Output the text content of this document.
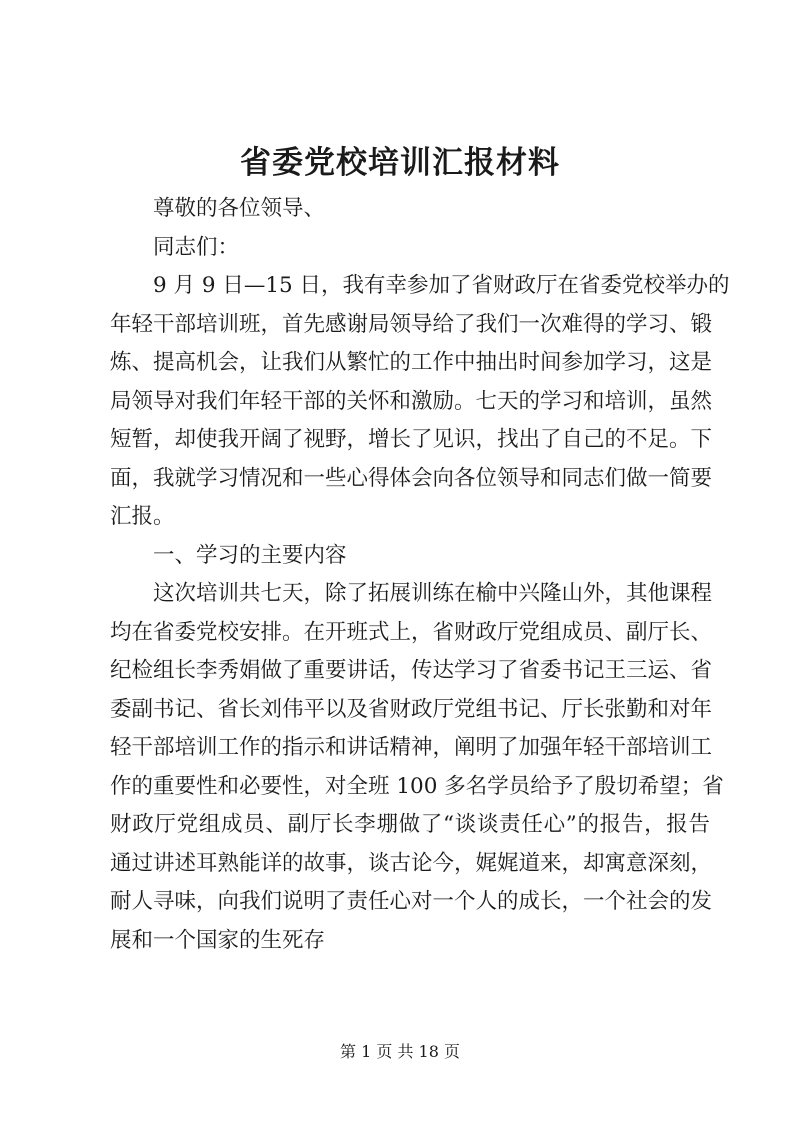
省委党校培训汇报材料
尊敬的各位领导、
同志们：
9 月 9 日—15 日，我有幸参加了省财政厅在省委党校举办的
年轻干部培训班，首先感谢局领导给了我们一次难得的学习、锻
炼、提高机会，让我们从繁忙的工作中抽出时间参加学习，这是
局领导对我们年轻干部的关怀和激励。七天的学习和培训，虽然
短暂，却使我开阔了视野，增长了见识，找出了自己的不足。下
面，我就学习情况和一些心得体会向各位领导和同志们做一简要
汇报。
一、学习的主要内容
这次培训共七天，除了拓展训练在榆中兴隆山外，其他课程
均在省委党校安排。在开班式上，省财政厅党组成员、副厅长、
纪检组长李秀娟做了重要讲话，传达学习了省委书记王三运、省
委副书记、省长刘伟平以及省财政厅党组书记、厅长张勤和对年
轻干部培训工作的指示和讲话精神，阐明了加强年轻干部培训工
作的重要性和必要性，对全班 100 多名学员给予了殷切希望；省
财政厅党组成员、副厅长李堋做了“谈谈责任心”的报告，报告
通过讲述耳熟能详的故事，谈古论今，娓娓道来，却寓意深刻，
耐人寻味，向我们说明了责任心对一个人的成长，一个社会的发
展和一个国家的生死存
第 1 页 共 18 页
